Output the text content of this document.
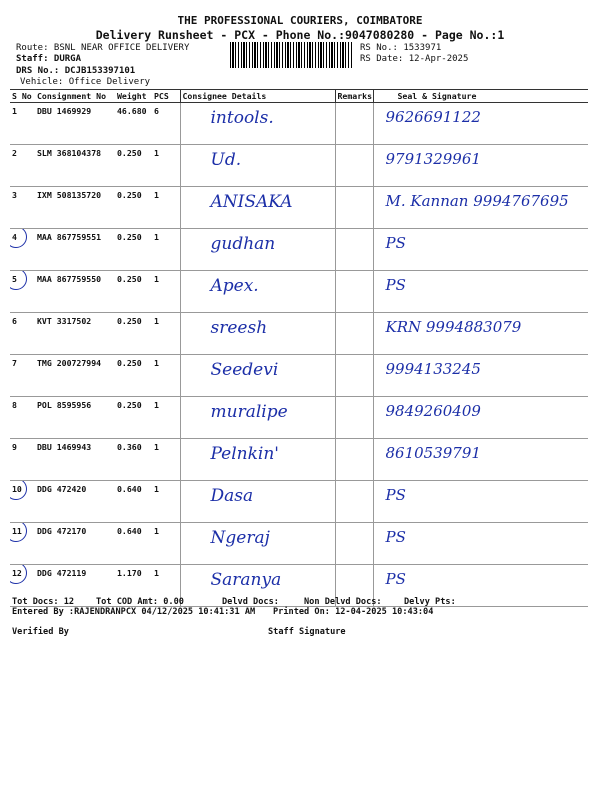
THE PROFESSIONAL COURIERS, COIMBATORE
Delivery Runsheet - PCX - Phone No.:9047080280 - Page No.:1
Route: BSNL NEAR OFFICE DELIVERY
Staff: DURGA
DRS No.: DCJB153397101
Vehicle: Office Delivery
RS No.: 1533971
RS Date: 12-Apr-2025
S No	Consignment No	Weight	PCS	Consignee Details	Remarks	Seal & Signature
1	DBU 1469929	46.680	6	intools.		9626691122
2	SLM 368104378	0.250	1	Ud.		9791329961
3	IXM 508135720	0.250	1	ANISAKA		M. Kannan 9994767695

4	MAA 867759551	0.250	1	gudhan		PS

5	MAA 867759550	0.250	1	Apex.		PS
6	KVT 3317502	0.250	1	sreesh		KRN 9994883079
7	TMG 200727994	0.250	1	Seedevi		9994133245
8	POL 8595956	0.250	1	muralipe		9849260409
9	DBU 1469943	0.360	1	Pelnkin'		8610539791

10	DDG 472420	0.640	1	Dasa		PS

11	DDG 472170	0.640	1	Ngeraj		PS

12	DDG 472119	1.170	1	Saranya		PS
Tot Docs: 12	Tot COD Amt: 0.00	Delvd Docs:	Non Delvd Docs:	Delvy Pts:
Entered By :RAJENDRANPCX 04/12/2025 10:41:31 AM Printed On: 12-04-2025 10:43:04
Verified By	Staff Signature
